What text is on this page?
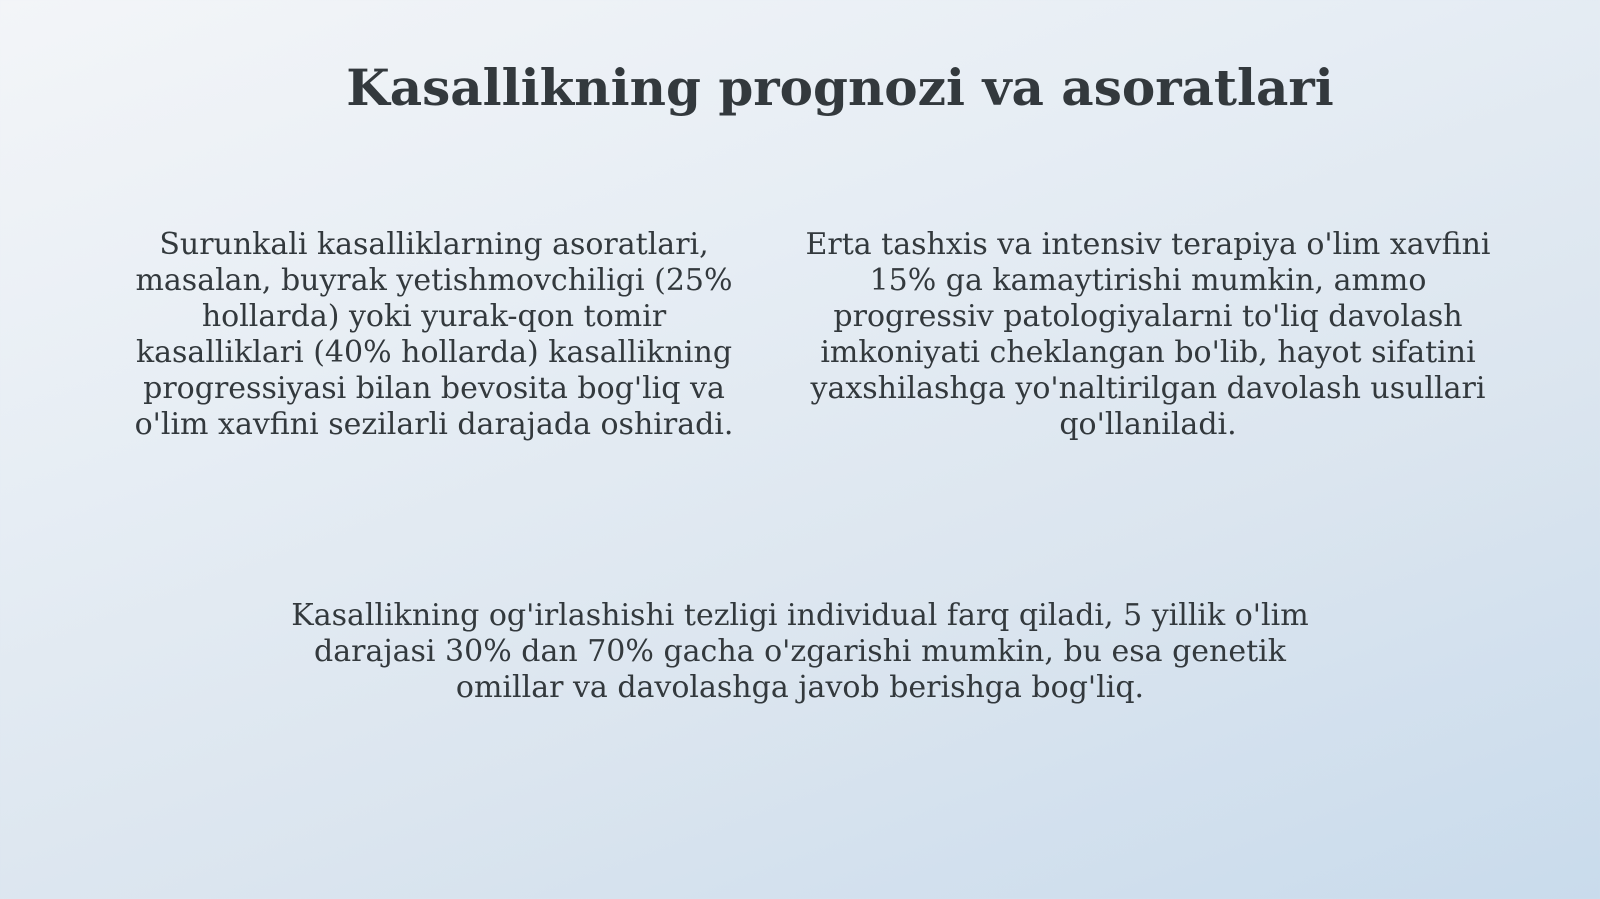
Kasallikning prognozi va asoratlari

Surunkali kasalliklarning asoratlari, masalan, buyrak yetishmovchiligi (25% hollarda) yoki yurak-qon tomir kasalliklari (40% hollarda) kasallikning progressiyasi bilan bevosita bog'liq va o'lim xavfini sezilarli darajada oshiradi.

Erta tashxis va intensiv terapiya o'lim xavfini 15% ga kamaytirishi mumkin, ammo progressiv patologiyalarni to'liq davolash imkoniyati cheklangan bo'lib, hayot sifatini yaxshilashga yo'naltirilgan davolash usullari qo'llaniladi.

Kasallikning og'irlashishi tezligi individual farq qiladi, 5 yillik o'lim darajasi 30% dan 70% gacha o'zgarishi mumkin, bu esa genetik omillar va davolashga javob berishga bog'liq.
